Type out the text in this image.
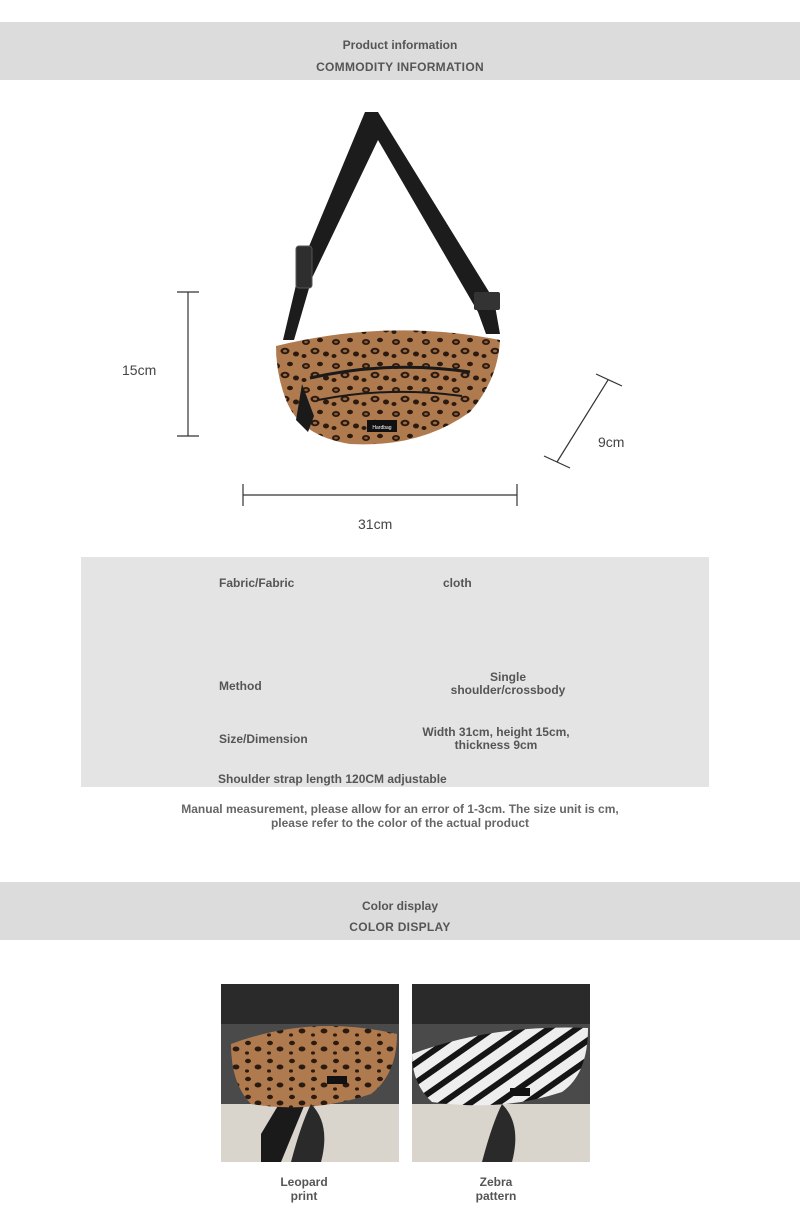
Product information
COMMODITY INFORMATION
Hardbag
15cm
31cm
9cm
Fabric/Fabric	cloth
Method
Single
shoulder/crossbody
Size/Dimension	Width 31cm, height 15cm,
thickness 9cm
Shoulder strap length 120CM adjustable
Manual measurement, please allow for an error of 1-3cm. The size unit is cm,
please refer to the color of the actual product
Color display
COLOR DISPLAY
Leopard
print
Zebra
pattern
